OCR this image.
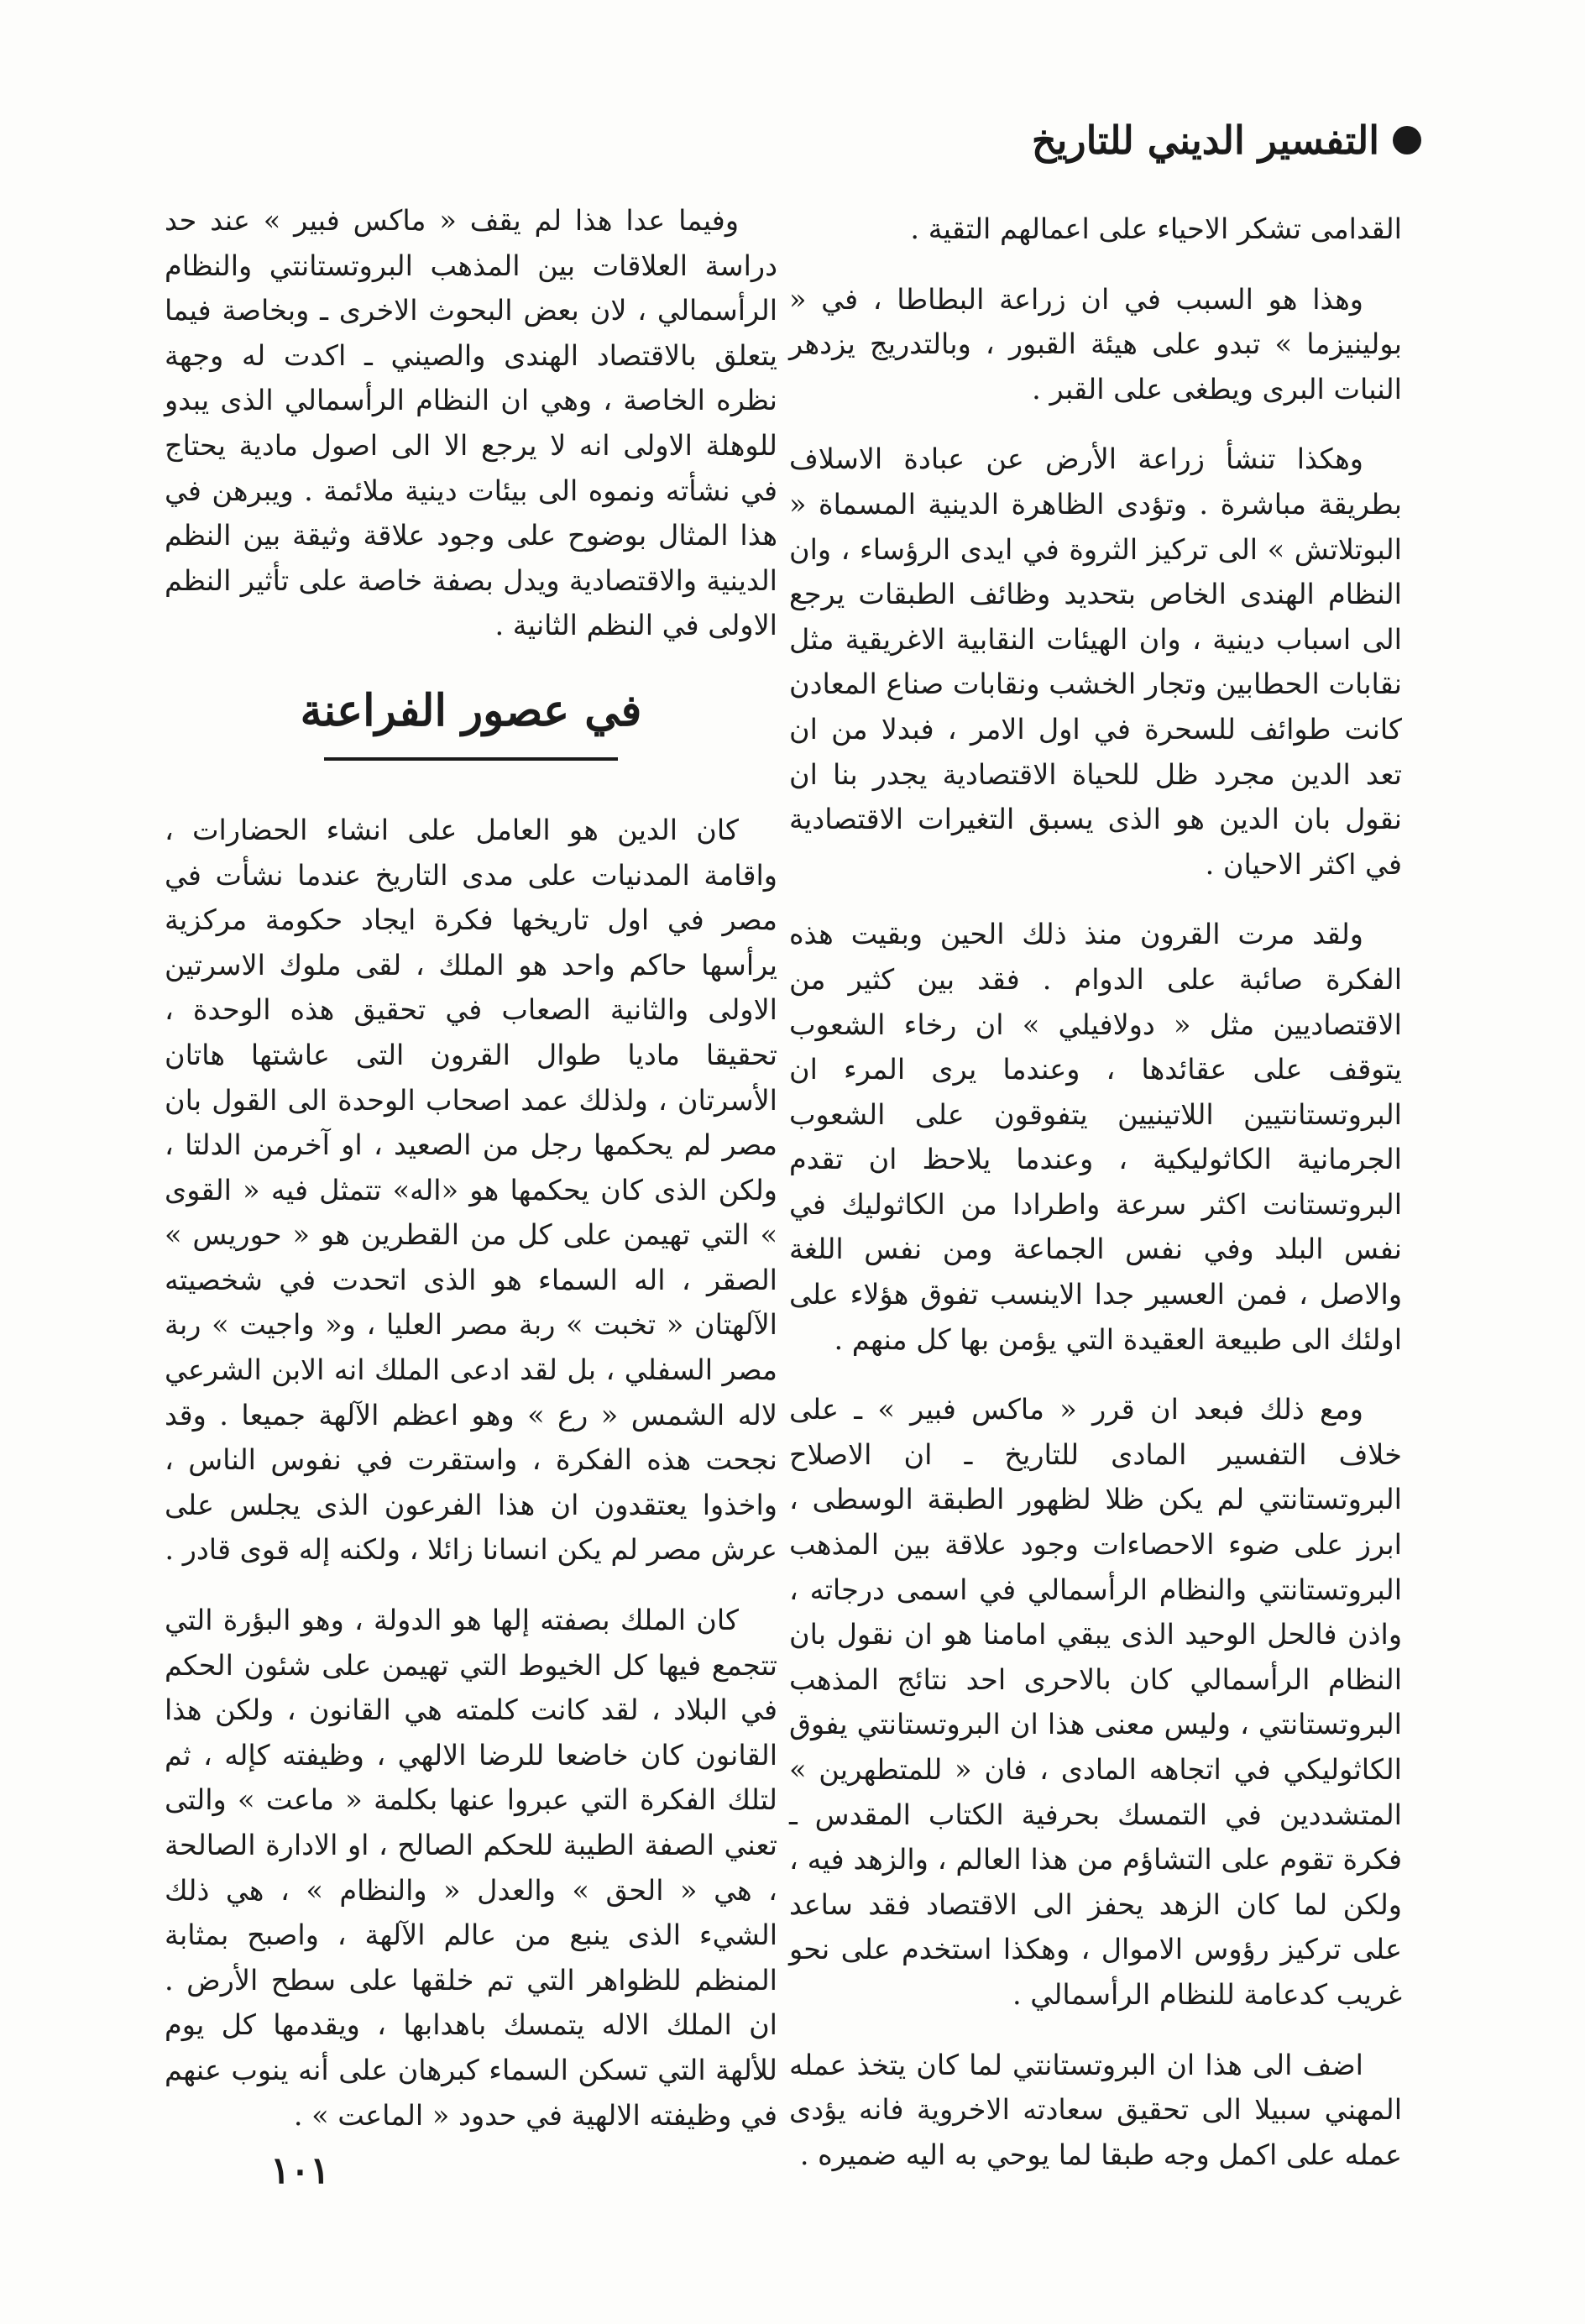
التفسير الديني للتاريخ

القدامى تشكر الاحياء على اعمالهم التقية .

وهذا هو السبب في ان زراعة البطاطا ، في « بولينيزما » تبدو على هيئة القبور ، وبالتدريج يزدهر النبات البرى ويطغى على القبر .

وهكذا تنشأ زراعة الأرض عن عبادة الاسلاف بطريقة مباشرة . وتؤدى الظاهرة الدينية المسماة « البوتلاتش » الى تركيز الثروة في ايدى الرؤساء ، وان النظام الهندى الخاص بتحديد وظائف الطبقات يرجع الى اسباب دينية ، وان الهيئات النقابية الاغريقية مثل نقابات الحطابين وتجار الخشب ونقابات صناع المعادن كانت طوائف للسحرة في اول الامر ، فبدلا من ان تعد الدين مجرد ظل للحياة الاقتصادية يجدر بنا ان نقول بان الدين هو الذى يسبق التغيرات الاقتصادية في اكثر الاحيان .

ولقد مرت القرون منذ ذلك الحين وبقيت هذه الفكرة صائبة على الدوام . فقد بين كثير من الاقتصاديين مثل « دولافيلي » ان رخاء الشعوب يتوقف على عقائدها ، وعندما يرى المرء ان البروتستانتيين اللاتينيين يتفوقون على الشعوب الجرمانية الكاثوليكية ، وعندما يلاحظ ان تقدم البروتستانت اكثر سرعة واطرادا من الكاثوليك في نفس البلد وفي نفس الجماعة ومن نفس اللغة والاصل ، فمن العسير جدا الاينسب تفوق هؤلاء على اولئك الى طبيعة العقيدة التي يؤمن بها كل منهم .

ومع ذلك فبعد ان قرر « ماكس فبير » ـ على خلاف التفسير المادى للتاريخ ـ ان الاصلاح البروتستانتي لم يكن ظلا لظهور الطبقة الوسطى ، ابرز على ضوء الاحصاءات وجود علاقة بين المذهب البروتستانتي والنظام الرأسمالي في اسمى درجاته ، واذن فالحل الوحيد الذى يبقي امامنا هو ان نقول بان النظام الرأسمالي كان بالاحرى احد نتائج المذهب البروتستانتي ، وليس معنى هذا ان البروتستانتي يفوق الكاثوليكي في اتجاهه المادى ، فان « للمتطهرين » المتشددين في التمسك بحرفية الكتاب المقدس ـ فكرة تقوم على التشاؤم من هذا العالم ، والزهد فيه ، ولكن لما كان الزهد يحفز الى الاقتصاد فقد ساعد على تركيز رؤوس الاموال ، وهكذا استخدم على نحو غريب كدعامة للنظام الرأسمالي .

اضف الى هذا ان البروتستانتي لما كان يتخذ عمله المهني سبيلا الى تحقيق سعادته الاخروية فانه يؤدى عمله على اكمل وجه طبقا لما يوحي به اليه ضميره .

وفيما عدا هذا لم يقف « ماكس فبير » عند حد دراسة العلاقات بين المذهب البروتستانتي والنظام الرأسمالي ، لان بعض البحوث الاخرى ـ وبخاصة فيما يتعلق بالاقتصاد الهندى والصيني ـ اكدت له وجهة نظره الخاصة ، وهي ان النظام الرأسمالي الذى يبدو للوهلة الاولى انه لا يرجع الا الى اصول مادية يحتاج في نشأته ونموه الى بيئات دينية ملائمة . ويبرهن في هذا المثال بوضوح على وجود علاقة وثيقة بين النظم الدينية والاقتصادية ويدل بصفة خاصة على تأثير النظم الاولى في النظم الثانية .

في عصور الفراعنة

كان الدين هو العامل على انشاء الحضارات ، واقامة المدنيات على مدى التاريخ عندما نشأت في مصر في اول تاريخها فكرة ايجاد حكومة مركزية يرأسها حاكم واحد هو الملك ، لقى ملوك الاسرتين الاولى والثانية الصعاب في تحقيق هذه الوحدة ، تحقيقا ماديا طوال القرون التى عاشتها هاتان الأسرتان ، ولذلك عمد اصحاب الوحدة الى القول بان مصر لم يحكمها رجل من الصعيد ، او آخرمن الدلتا ، ولكن الذى كان يحكمها هو «اله» تتمثل فيه « القوى » التي تهيمن على كل من القطرين هو « حوريس » الصقر ، اله السماء هو الذى اتحدت في شخصيته الآلهتان « تخبت » ربة مصر العليا ، و« واجيت » ربة مصر السفلي ، بل لقد ادعى الملك انه الابن الشرعي لاله الشمس « رع » وهو اعظم الآلهة جميعا . وقد نجحت هذه الفكرة ، واستقرت في نفوس الناس ، واخذوا يعتقدون ان هذا الفرعون الذى يجلس على عرش مصر لم يكن انسانا زائلا ، ولكنه إله قوى قادر .

كان الملك بصفته إلها هو الدولة ، وهو البؤرة التي تتجمع فيها كل الخيوط التي تهيمن على شئون الحكم في البلاد ، لقد كانت كلمته هي القانون ، ولكن هذا القانون كان خاضعا للرضا الالهي ، وظيفته كإله ، ثم لتلك الفكرة التي عبروا عنها بكلمة « ماعت » والتى تعني الصفة الطيبة للحكم الصالح ، او الادارة الصالحة ، هي « الحق » والعدل « والنظام » ، هي ذلك الشيء الذى ينبع من عالم الآلهة ، واصبح بمثابة المنظم للظواهر التي تم خلقها على سطح الأرض . ان الملك الاله يتمسك باهدابها ، ويقدمها كل يوم للألهة التي تسكن السماء كبرهان على أنه ينوب عنهم في وظيفته الالهية في حدود « الماعت » .

١٠١
